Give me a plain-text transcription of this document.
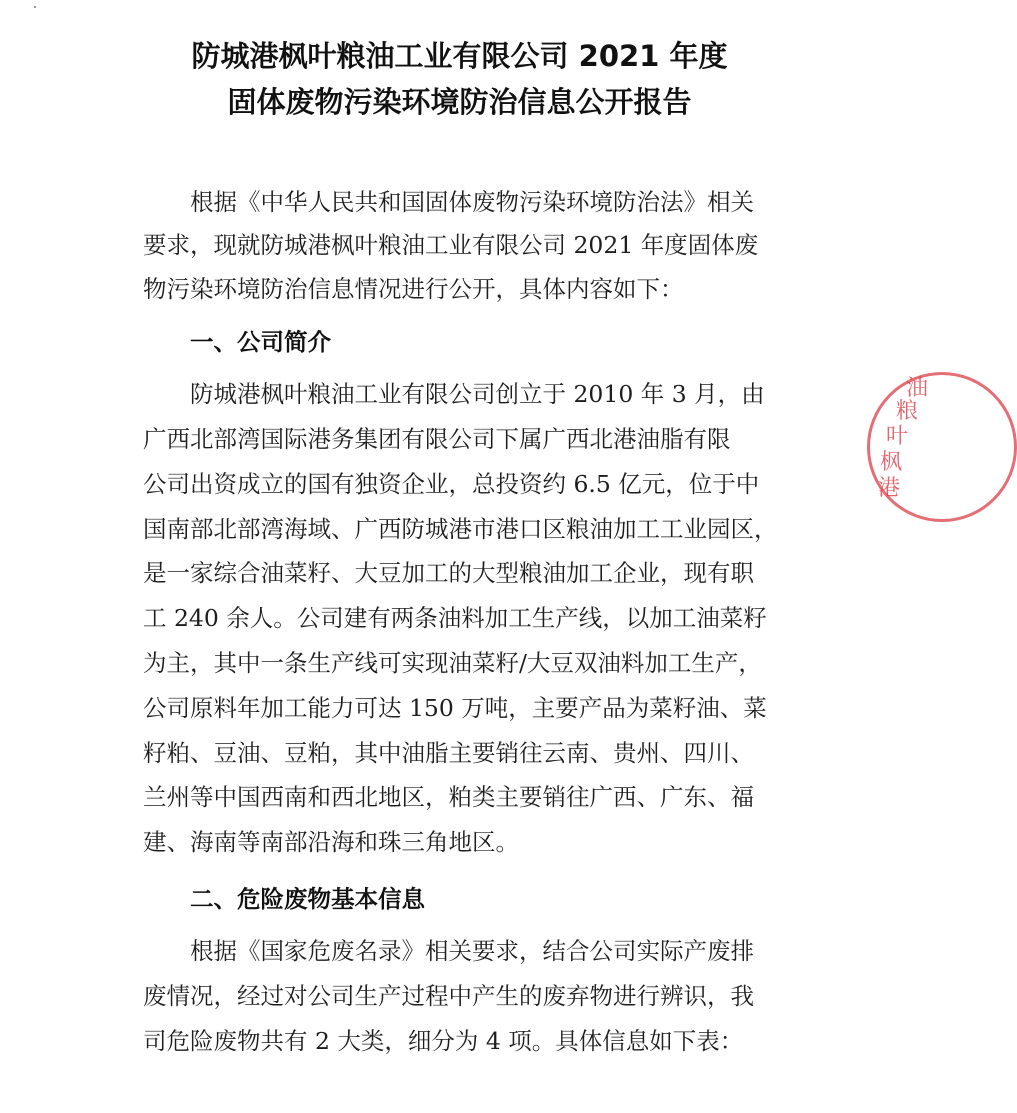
防城港枫叶粮油工业有限公司 2021 年度
固体废物污染环境防治信息公开报告
　　根据《中华人民共和国固体废物污染环境防治法》相关
要求，现就防城港枫叶粮油工业有限公司 2021 年度固体废
物污染环境防治信息情况进行公开，具体内容如下：
　　一、公司简介
　　防城港枫叶粮油工业有限公司创立于 2010 年 3 月，由
广西北部湾国际港务集团有限公司下属广西北港油脂有限
公司出资成立的国有独资企业，总投资约 6.5 亿元，位于中
国南部北部湾海域、广西防城港市港口区粮油加工工业园区，
是一家综合油菜籽、大豆加工的大型粮油加工企业，现有职
工 240 余人。公司建有两条油料加工生产线，以加工油菜籽
为主，其中一条生产线可实现油菜籽/大豆双油料加工生产，
公司原料年加工能力可达 150 万吨，主要产品为菜籽油、菜
籽粕、豆油、豆粕，其中油脂主要销往云南、贵州、四川、
兰州等中国西南和西北地区，粕类主要销往广西、广东、福
建、海南等南部沿海和珠三角地区。
　　二、危险废物基本信息
　　根据《国家危废名录》相关要求，结合公司实际产废排
废情况，经过对公司生产过程中产生的废弃物进行辨识，我
司危险废物共有 2 大类，细分为 4 项。具体信息如下表：
港
枫
叶
粮
油
